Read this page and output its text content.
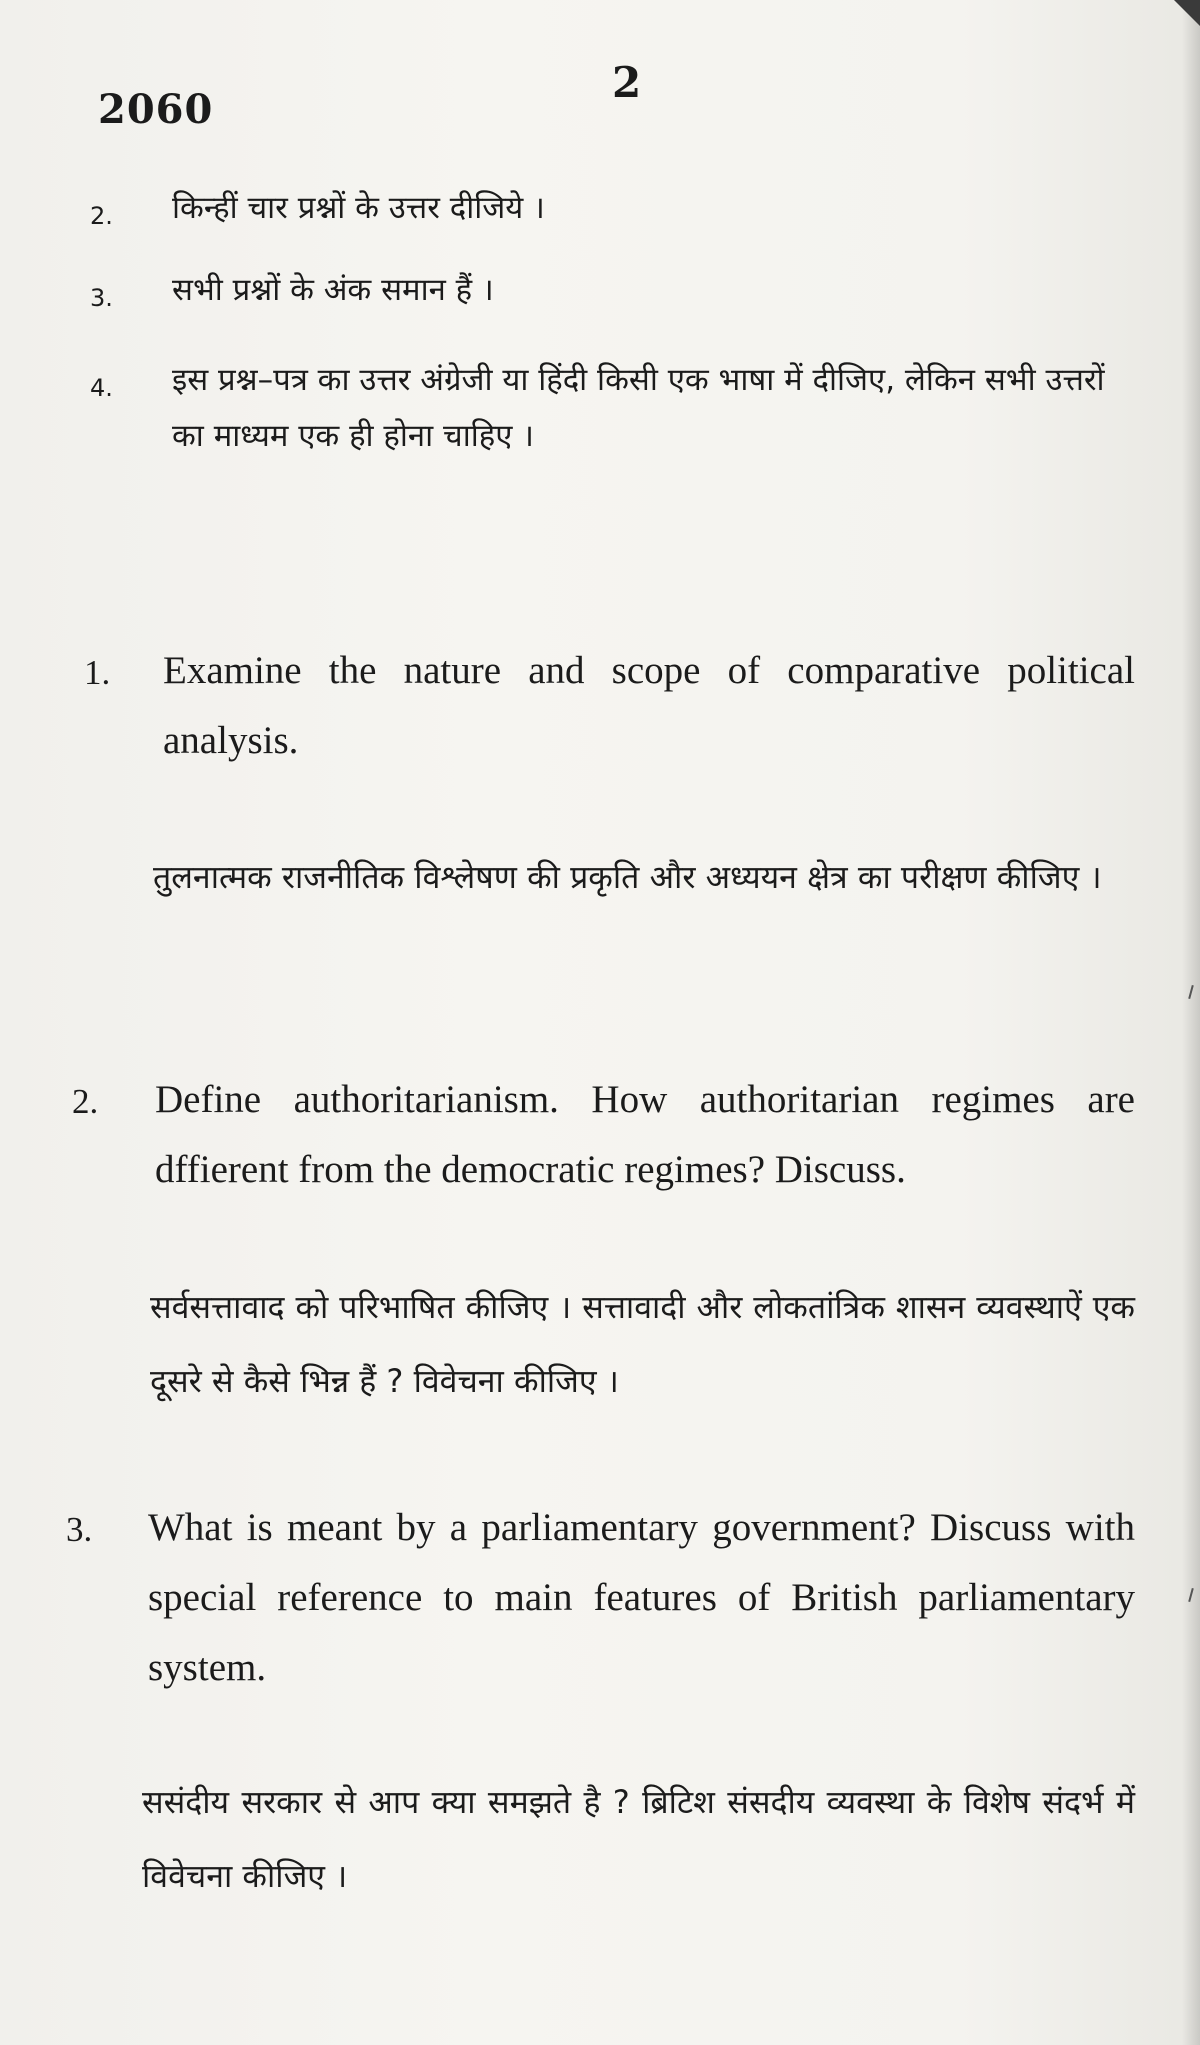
2060
2
2. किन्हीं चार प्रश्नों के उत्तर दीजिये ।
3. सभी प्रश्नों के अंक समान हैं ।
4. इस प्रश्न–पत्र का उत्तर अंग्रेजी या हिंदी किसी एक भाषा में दीजिए, लेकिन सभी उत्तरों का माध्यम एक ही होना चाहिए ।
1. Examine the nature and scope of comparative political analysis.
तुलनात्मक राजनीतिक विश्लेषण की प्रकृति और अध्ययन क्षेत्र का परीक्षण कीजिए ।
2. Define authoritarianism. How authoritarian regimes are dffierent from the democratic regimes? Discuss.
सर्वसत्तावाद को परिभाषित कीजिए । सत्तावादी और लोकतांत्रिक शासन व्यवस्थाऐं एक दूसरे से कैसे भिन्न हैं ? विवेचना कीजिए ।
3. What is meant by a parliamentary government? Discuss with special reference to main features of British parliamentary system.
ससंदीय सरकार से आप क्या समझते है ? ब्रिटिश संसदीय व्यवस्था के विशेष संदर्भ में विवेचना कीजिए ।
